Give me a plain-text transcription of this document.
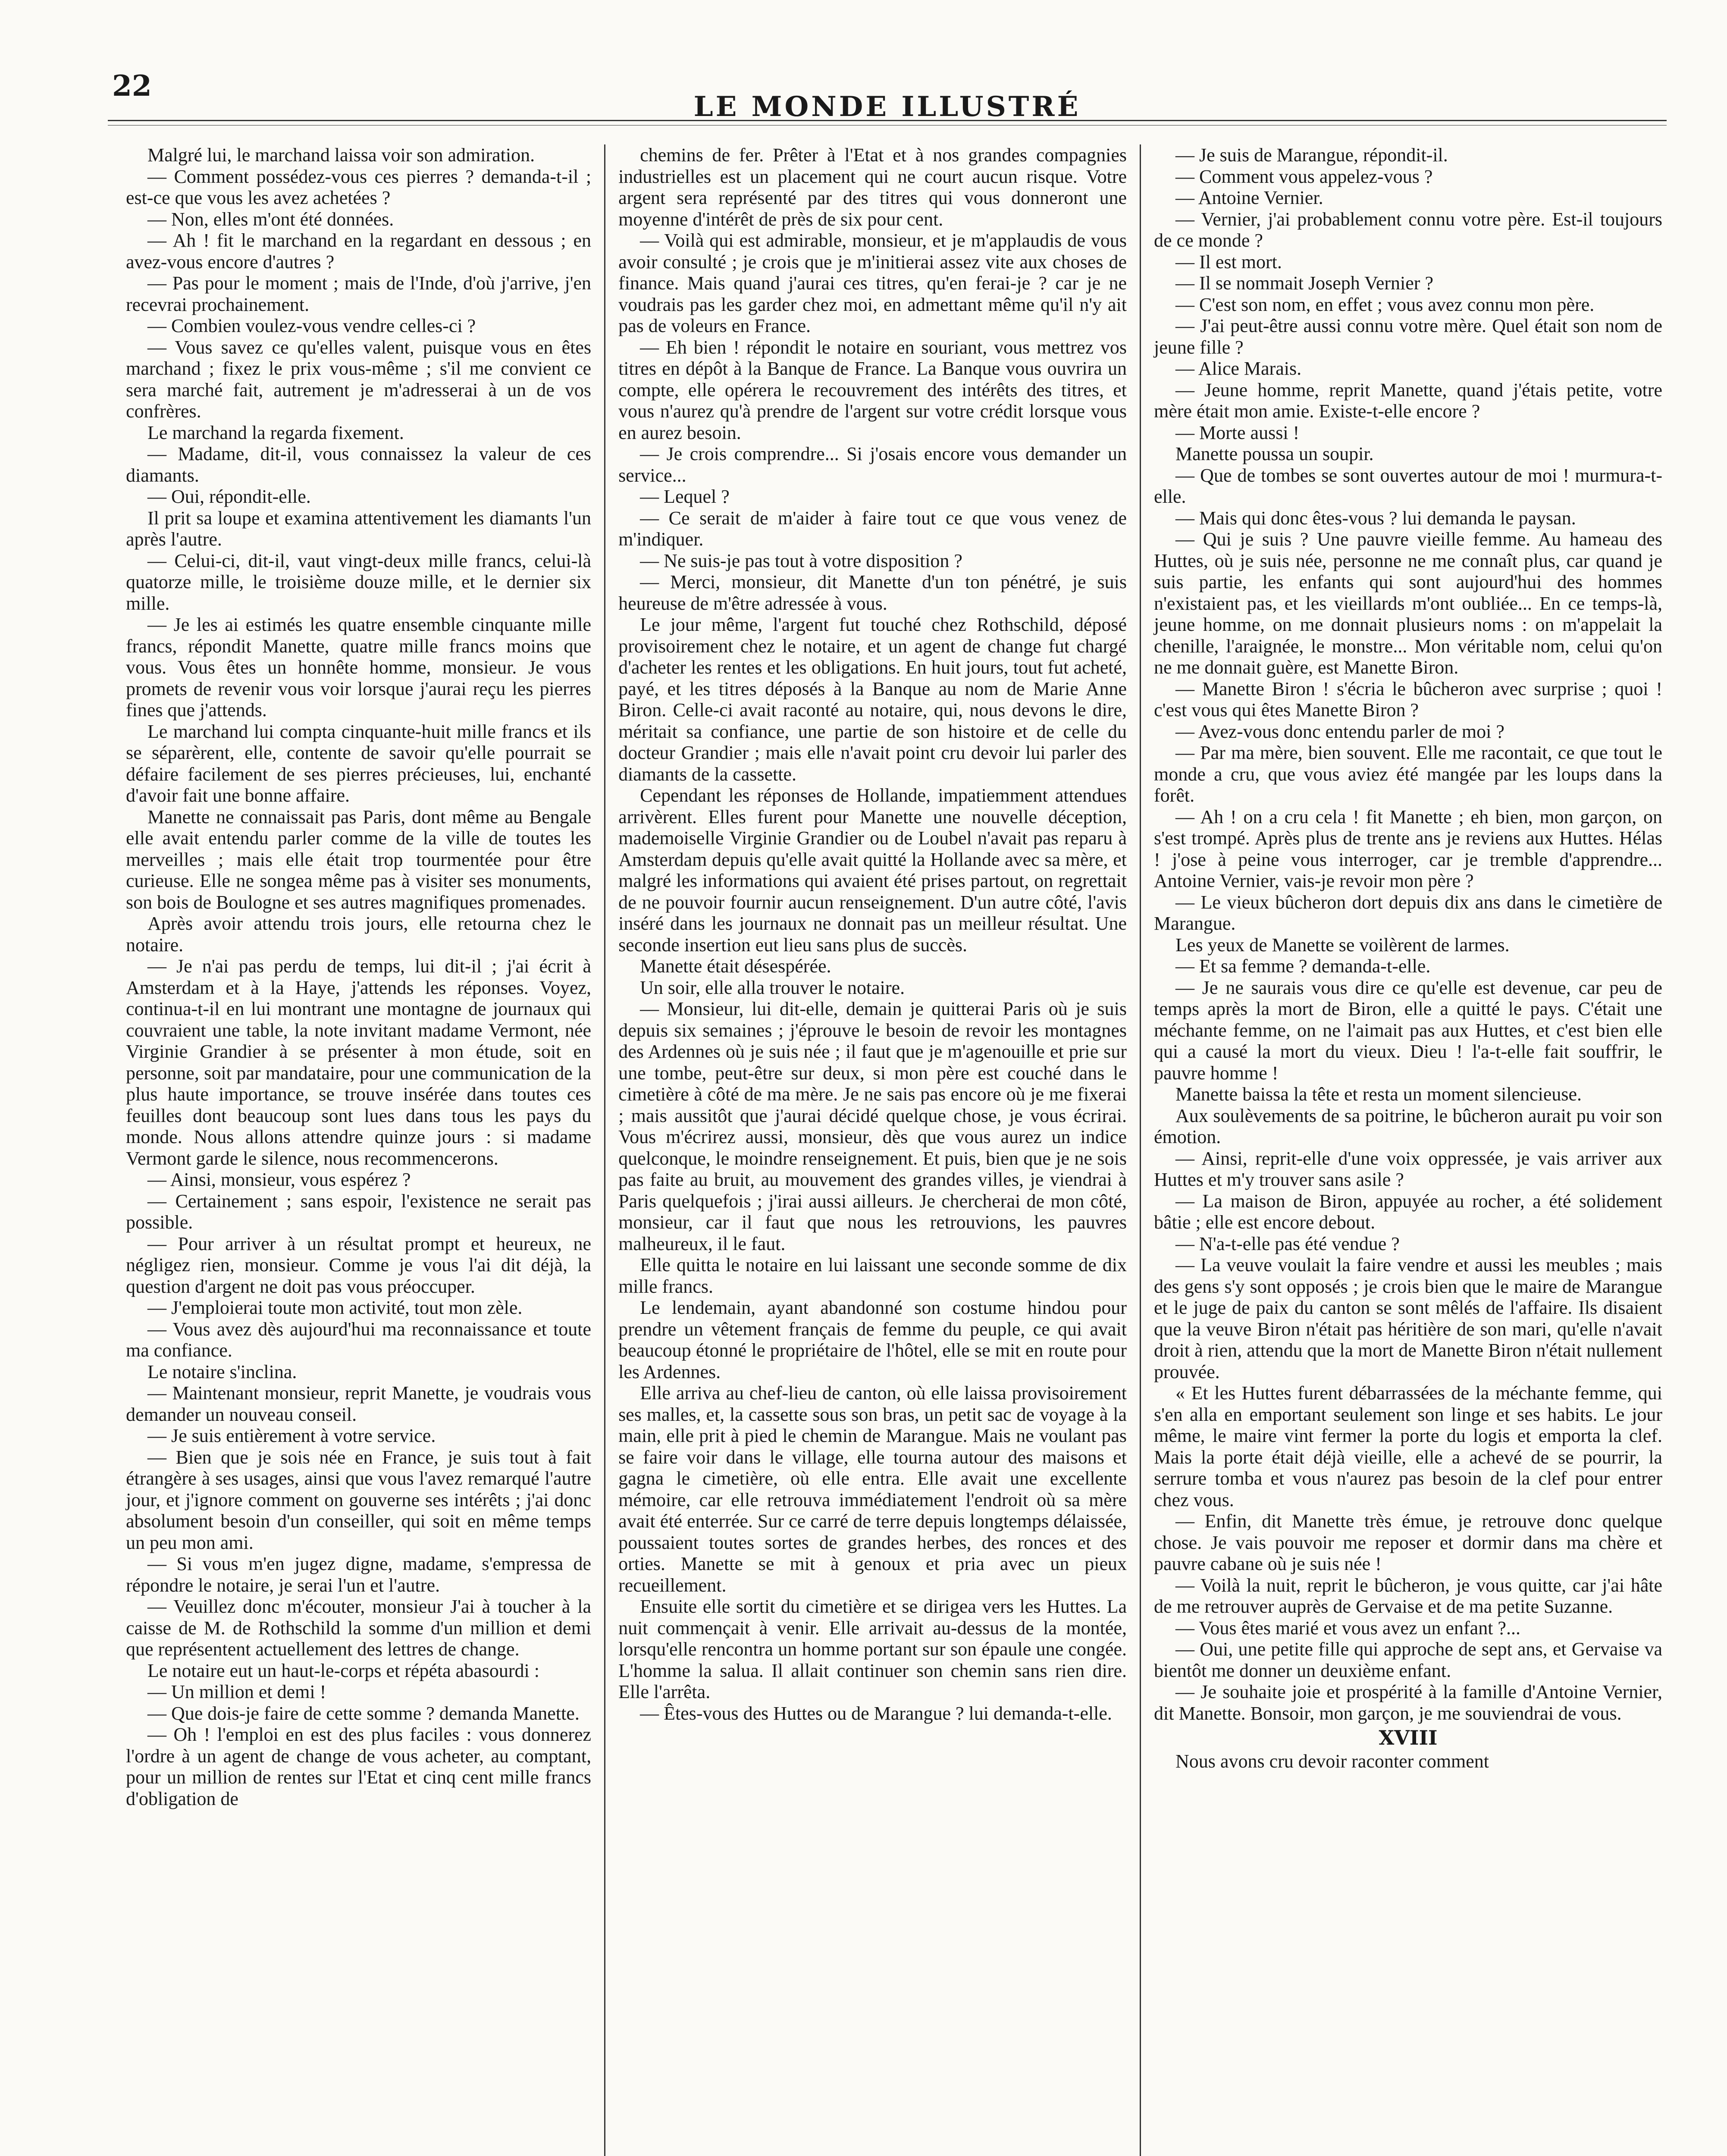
22
LE MONDE ILLUSTRÉ

Malgré lui, le marchand laissa voir son admiration.

— Comment possédez-vous ces pierres ? demanda-t-il ; est-ce que vous les avez achetées ?

— Non, elles m'ont été données.

— Ah ! fit le marchand en la regardant en dessous ; en avez-vous encore d'autres ?

— Pas pour le moment ; mais de l'Inde, d'où j'arrive, j'en recevrai prochainement.

— Combien voulez-vous vendre celles-ci ?

— Vous savez ce qu'elles valent, puisque vous en êtes marchand ; fixez le prix vous-même ; s'il me convient ce sera marché fait, autrement je m'adresserai à un de vos confrères.

Le marchand la regarda fixement.

— Madame, dit-il, vous connaissez la valeur de ces diamants.

— Oui, répondit-elle.

Il prit sa loupe et examina attentivement les diamants l'un après l'autre.

— Celui-ci, dit-il, vaut vingt-deux mille francs, celui-là quatorze mille, le troisième douze mille, et le dernier six mille.

— Je les ai estimés les quatre ensemble cinquante mille francs, répondit Manette, quatre mille francs moins que vous. Vous êtes un honnête homme, monsieur. Je vous promets de revenir vous voir lorsque j'aurai reçu les pierres fines que j'attends.

Le marchand lui compta cinquante-huit mille francs et ils se séparèrent, elle, contente de savoir qu'elle pourrait se défaire facilement de ses pierres précieuses, lui, enchanté d'avoir fait une bonne affaire.

Manette ne connaissait pas Paris, dont même au Bengale elle avait entendu parler comme de la ville de toutes les merveilles ; mais elle était trop tourmentée pour être curieuse. Elle ne songea même pas à visiter ses monuments, son bois de Boulogne et ses autres magnifiques promenades.

Après avoir attendu trois jours, elle retourna chez le notaire.

— Je n'ai pas perdu de temps, lui dit-il ; j'ai écrit à Amsterdam et à la Haye, j'attends les réponses. Voyez, continua-t-il en lui montrant une montagne de journaux qui couvraient une table, la note invitant madame Vermont, née Virginie Grandier à se présenter à mon étude, soit en personne, soit par mandataire, pour une communication de la plus haute importance, se trouve insérée dans toutes ces feuilles dont beaucoup sont lues dans tous les pays du monde. Nous allons attendre quinze jours : si madame Vermont garde le silence, nous recommencerons.

— Ainsi, monsieur, vous espérez ?

— Certainement ; sans espoir, l'existence ne serait pas possible.

— Pour arriver à un résultat prompt et heureux, ne négligez rien, monsieur. Comme je vous l'ai dit déjà, la question d'argent ne doit pas vous préoccuper.

— J'emploierai toute mon activité, tout mon zèle.

— Vous avez dès aujourd'hui ma reconnaissance et toute ma confiance.

Le notaire s'inclina.

— Maintenant monsieur, reprit Manette, je voudrais vous demander un nouveau conseil.

— Je suis entièrement à votre service.

— Bien que je sois née en France, je suis tout à fait étrangère à ses usages, ainsi que vous l'avez remarqué l'autre jour, et j'ignore comment on gouverne ses intérêts ; j'ai donc absolument besoin d'un conseiller, qui soit en même temps un peu mon ami.

— Si vous m'en jugez digne, madame, s'empressa de répondre le notaire, je serai l'un et l'autre.

— Veuillez donc m'écouter, monsieur J'ai à toucher à la caisse de M. de Rothschild la somme d'un million et demi que représentent actuellement des lettres de change.

Le notaire eut un haut-le-corps et répéta abasourdi :

— Un million et demi !

— Que dois-je faire de cette somme ? demanda Manette.

— Oh ! l'emploi en est des plus faciles : vous donnerez l'ordre à un agent de change de vous acheter, au comptant, pour un million de rentes sur l'Etat et cinq cent mille francs d'obligation de

chemins de fer. Prêter à l'Etat et à nos grandes compagnies industrielles est un placement qui ne court aucun risque. Votre argent sera représenté par des titres qui vous donneront une moyenne d'intérêt de près de six pour cent.

— Voilà qui est admirable, monsieur, et je m'applaudis de vous avoir consulté ; je crois que je m'initierai assez vite aux choses de finance. Mais quand j'aurai ces titres, qu'en ferai-je ? car je ne voudrais pas les garder chez moi, en admettant même qu'il n'y ait pas de voleurs en France.

— Eh bien ! répondit le notaire en souriant, vous mettrez vos titres en dépôt à la Banque de France. La Banque vous ouvrira un compte, elle opérera le recouvrement des intérêts des titres, et vous n'aurez qu'à prendre de l'argent sur votre crédit lorsque vous en aurez besoin.

— Je crois comprendre... Si j'osais encore vous demander un service...

— Lequel ?

— Ce serait de m'aider à faire tout ce que vous venez de m'indiquer.

— Ne suis-je pas tout à votre disposition ?

— Merci, monsieur, dit Manette d'un ton pénétré, je suis heureuse de m'être adressée à vous.

Le jour même, l'argent fut touché chez Rothschild, déposé provisoirement chez le notaire, et un agent de change fut chargé d'acheter les rentes et les obligations. En huit jours, tout fut acheté, payé, et les titres déposés à la Banque au nom de Marie Anne Biron. Celle-ci avait raconté au notaire, qui, nous devons le dire, méritait sa confiance, une partie de son histoire et de celle du docteur Grandier ; mais elle n'avait point cru devoir lui parler des diamants de la cassette.

Cependant les réponses de Hollande, impatiemment attendues arrivèrent. Elles furent pour Manette une nouvelle déception, mademoiselle Virginie Grandier ou de Loubel n'avait pas reparu à Amsterdam depuis qu'elle avait quitté la Hollande avec sa mère, et malgré les informations qui avaient été prises partout, on regrettait de ne pouvoir fournir aucun renseignement. D'un autre côté, l'avis inséré dans les journaux ne donnait pas un meilleur résultat. Une seconde insertion eut lieu sans plus de succès.

Manette était désespérée.

Un soir, elle alla trouver le notaire.

— Monsieur, lui dit-elle, demain je quitterai Paris où je suis depuis six semaines ; j'éprouve le besoin de revoir les montagnes des Ardennes où je suis née ; il faut que je m'agenouille et prie sur une tombe, peut-être sur deux, si mon père est couché dans le cimetière à côté de ma mère. Je ne sais pas encore où je me fixerai ; mais aussitôt que j'aurai décidé quelque chose, je vous écrirai. Vous m'écrirez aussi, monsieur, dès que vous aurez un indice quelconque, le moindre renseignement. Et puis, bien que je ne sois pas faite au bruit, au mouvement des grandes villes, je viendrai à Paris quelquefois ; j'irai aussi ailleurs. Je chercherai de mon côté, monsieur, car il faut que nous les retrouvions, les pauvres malheureux, il le faut.

Elle quitta le notaire en lui laissant une seconde somme de dix mille francs.

Le lendemain, ayant abandonné son costume hindou pour prendre un vêtement français de femme du peuple, ce qui avait beaucoup étonné le propriétaire de l'hôtel, elle se mit en route pour les Ardennes.

Elle arriva au chef-lieu de canton, où elle laissa provisoirement ses malles, et, la cassette sous son bras, un petit sac de voyage à la main, elle prit à pied le chemin de Marangue. Mais ne voulant pas se faire voir dans le village, elle tourna autour des maisons et gagna le cimetière, où elle entra. Elle avait une excellente mémoire, car elle retrouva immédiatement l'endroit où sa mère avait été enterrée. Sur ce carré de terre depuis longtemps délaissée, poussaient toutes sortes de grandes herbes, des ronces et des orties. Manette se mit à genoux et pria avec un pieux recueillement.

Ensuite elle sortit du cimetière et se dirigea vers les Huttes. La nuit commençait à venir. Elle arrivait au-dessus de la montée, lorsqu'elle rencontra un homme portant sur son épaule une congée. L'homme la salua. Il allait continuer son chemin sans rien dire. Elle l'arrêta.

— Êtes-vous des Huttes ou de Marangue ? lui demanda-t-elle.

— Je suis de Marangue, répondit-il.

— Comment vous appelez-vous ?

— Antoine Vernier.

— Vernier, j'ai probablement connu votre père. Est-il toujours de ce monde ?

— Il est mort.

— Il se nommait Joseph Vernier ?

— C'est son nom, en effet ; vous avez connu mon père.

— J'ai peut-être aussi connu votre mère. Quel était son nom de jeune fille ?

— Alice Marais.

— Jeune homme, reprit Manette, quand j'étais petite, votre mère était mon amie. Existe-t-elle encore ?

— Morte aussi !

Manette poussa un soupir.

— Que de tombes se sont ouvertes autour de moi ! murmura-t-elle.

— Mais qui donc êtes-vous ? lui demanda le paysan.

— Qui je suis ? Une pauvre vieille femme. Au hameau des Huttes, où je suis née, personne ne me connaît plus, car quand je suis partie, les enfants qui sont aujourd'hui des hommes n'existaient pas, et les vieillards m'ont oubliée... En ce temps-là, jeune homme, on me donnait plusieurs noms : on m'appelait la chenille, l'araignée, le monstre... Mon véritable nom, celui qu'on ne me donnait guère, est Manette Biron.

— Manette Biron ! s'écria le bûcheron avec surprise ; quoi ! c'est vous qui êtes Manette Biron ?

— Avez-vous donc entendu parler de moi ?

— Par ma mère, bien souvent. Elle me racontait, ce que tout le monde a cru, que vous aviez été mangée par les loups dans la forêt.

— Ah ! on a cru cela ! fit Manette ; eh bien, mon garçon, on s'est trompé. Après plus de trente ans je reviens aux Huttes. Hélas ! j'ose à peine vous interroger, car je tremble d'apprendre... Antoine Vernier, vais-je revoir mon père ?

— Le vieux bûcheron dort depuis dix ans dans le cimetière de Marangue.

Les yeux de Manette se voilèrent de larmes.

— Et sa femme ? demanda-t-elle.

— Je ne saurais vous dire ce qu'elle est devenue, car peu de temps après la mort de Biron, elle a quitté le pays. C'était une méchante femme, on ne l'aimait pas aux Huttes, et c'est bien elle qui a causé la mort du vieux. Dieu ! l'a-t-elle fait souffrir, le pauvre homme !

Manette baissa la tête et resta un moment silencieuse.

Aux soulèvements de sa poitrine, le bûcheron aurait pu voir son émotion.

— Ainsi, reprit-elle d'une voix oppressée, je vais arriver aux Huttes et m'y trouver sans asile ?

— La maison de Biron, appuyée au rocher, a été solidement bâtie ; elle est encore debout.

— N'a-t-elle pas été vendue ?

— La veuve voulait la faire vendre et aussi les meubles ; mais des gens s'y sont opposés ; je crois bien que le maire de Marangue et le juge de paix du canton se sont mêlés de l'affaire. Ils disaient que la veuve Biron n'était pas héritière de son mari, qu'elle n'avait droit à rien, attendu que la mort de Manette Biron n'était nullement prouvée.

« Et les Huttes furent débarrassées de la méchante femme, qui s'en alla en emportant seulement son linge et ses habits. Le jour même, le maire vint fermer la porte du logis et emporta la clef. Mais la porte était déjà vieille, elle a achevé de se pourrir, la serrure tomba et vous n'aurez pas besoin de la clef pour entrer chez vous.

— Enfin, dit Manette très émue, je retrouve donc quelque chose. Je vais pouvoir me reposer et dormir dans ma chère et pauvre cabane où je suis née !

— Voilà la nuit, reprit le bûcheron, je vous quitte, car j'ai hâte de me retrouver auprès de Gervaise et de ma petite Suzanne.

— Vous êtes marié et vous avez un enfant ?...

— Oui, une petite fille qui approche de sept ans, et Gervaise va bientôt me donner un deuxième enfant.

— Je souhaite joie et prospérité à la famille d'Antoine Vernier, dit Manette. Bonsoir, mon garçon, je me souviendrai de vous.

XVIII

Nous avons cru devoir raconter comment
